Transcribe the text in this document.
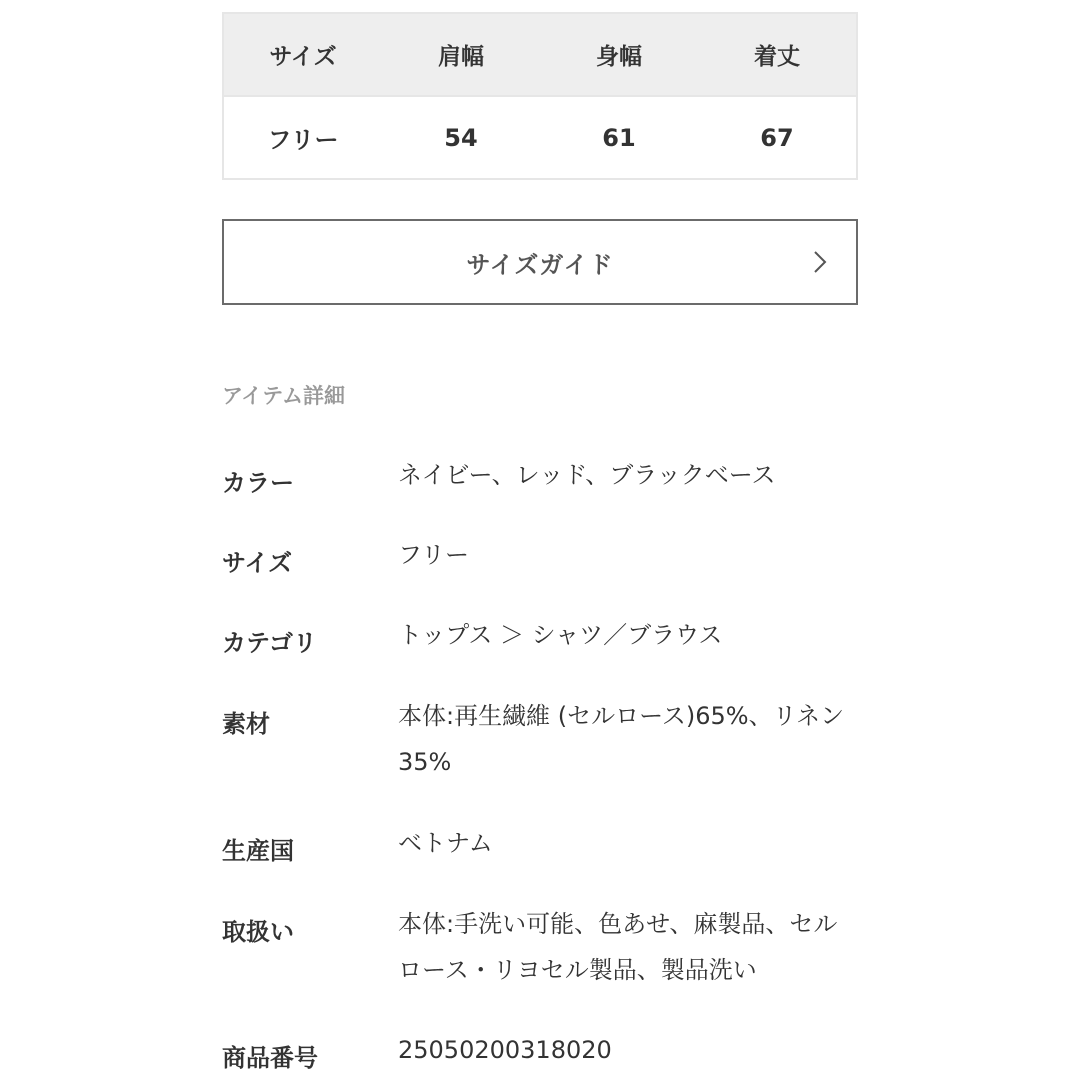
サイズ	肩幅	身幅	着丈
フリー	54	61	67
サイズガイド
アイテム詳細
カラー	ネイビー、レッド、ブラックベース
サイズ	フリー
カテゴリ	トップス ＞ シャツ／ブラウス
素材	本体:再生繊維 (セルロース)65%、リネン35%
生産国	ベトナム
取扱い	本体:手洗い可能、色あせ、麻製品、セルロース・リヨセル製品、製品洗い
商品番号	25050200318020
